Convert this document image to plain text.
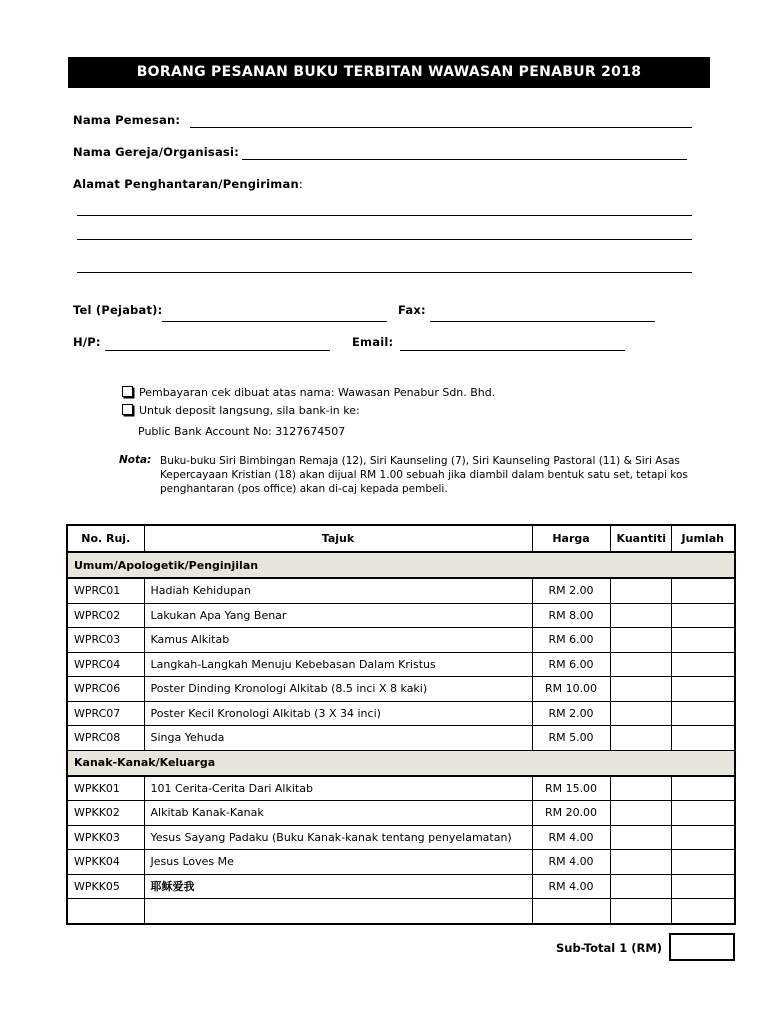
BORANG PESANAN BUKU TERBITAN WAWASAN PENABUR 2018
Nama Pemesan:
Nama Gereja/Organisasi:
Alamat Penghantaran/Pengiriman:
Tel (Pejabat):	Fax:
H/P:	Email:
Pembayaran cek dibuat atas nama: Wawasan Penabur Sdn. Bhd.
Untuk deposit langsung, sila bank-in ke:
Public Bank Account No: 3127674507
Nota: Buku-buku Siri Bimbingan Remaja (12), Siri Kaunseling (7), Siri Kaunseling Pastoral (11) & Siri Asas Kepercayaan Kristian (18) akan dijual RM 1.00 sebuah jika diambil dalam bentuk satu set, tetapi kos penghantaran (pos office) akan di-caj kepada pembeli.
No. Ruj.	Tajuk	Harga	Kuantiti	Jumlah
Umum/Apologetik/Penginjilan				
WPRC01	Hadiah Kehidupan	RM 2.00		
WPRC02	Lakukan Apa Yang Benar	RM 8.00		
WPRC03	Kamus Alkitab	RM 6.00		
WPRC04	Langkah-Langkah Menuju Kebebasan Dalam Kristus	RM 6.00		
WPRC06	Poster Dinding Kronologi Alkitab (8.5 inci X 8 kaki)	RM 10.00		
WPRC07	Poster Kecil Kronologi Alkitab (3 X 34 inci)	RM 2.00		
WPRC08	Singa Yehuda	RM 5.00		
Kanak-Kanak/Keluarga				
WPKK01	101 Cerita-Cerita Dari Alkitab	RM 15.00		
WPKK02	Alkitab Kanak-Kanak	RM 20.00		
WPKK03	Yesus Sayang Padaku (Buku Kanak-kanak tentang penyelamatan)	RM 4.00		
WPKK04	Jesus Loves Me	RM 4.00		
WPKK05	耶稣爱我	RM 4.00		

Sub-Total 1 (RM)
